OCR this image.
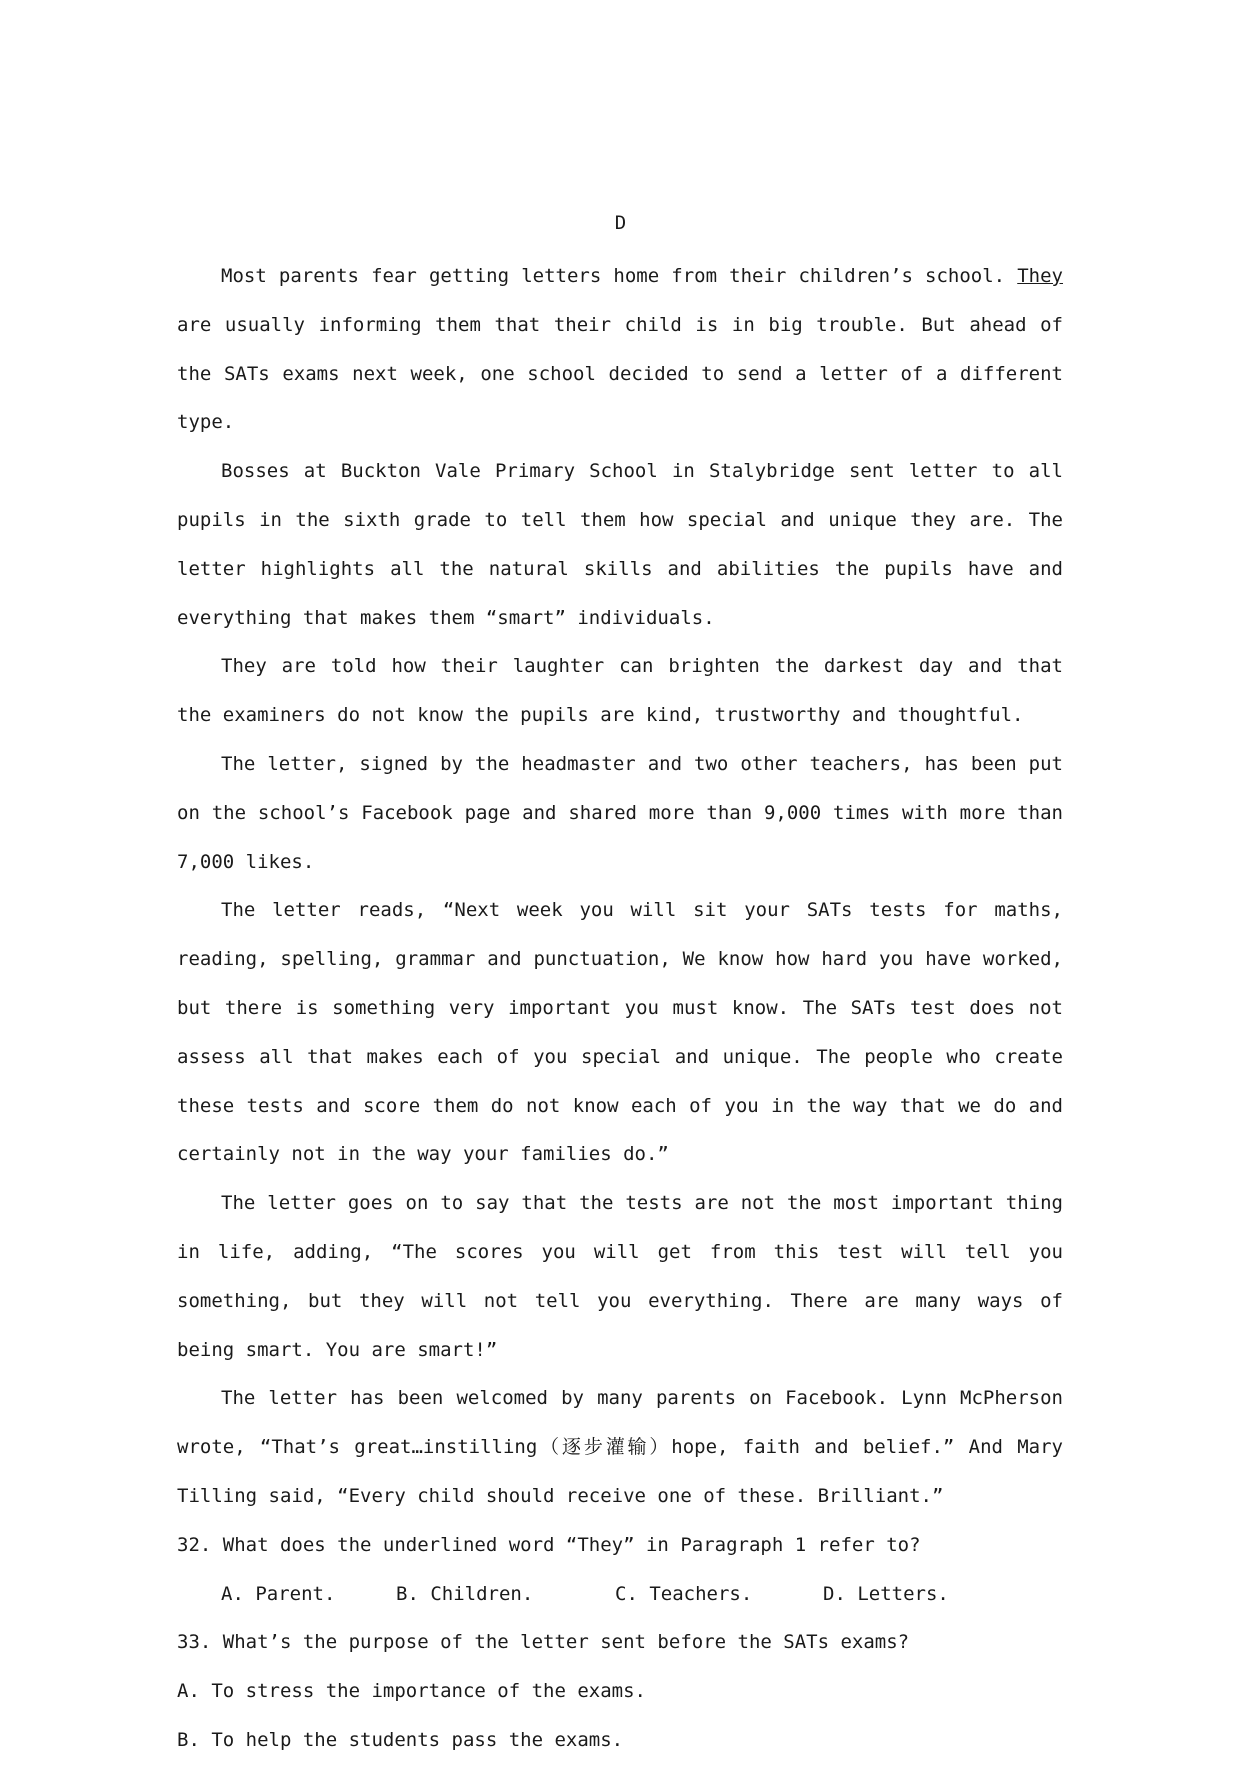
D

Most parents fear getting letters home from their children’s school. They are usually informing them that their child is in big trouble. But ahead of the SATs exams next week, one school decided to send a letter of a different type.

Bosses at Buckton Vale Primary School in Stalybridge sent letter to all pupils in the sixth grade to tell them how special and unique they are. The letter highlights all the natural skills and abilities the pupils have and everything that makes them “smart” individuals.

They are told how their laughter can brighten the darkest day and that the examiners do not know the pupils are kind, trustworthy and thoughtful.

The letter, signed by the headmaster and two other teachers, has been put on the school’s Facebook page and shared more than 9,000 times with more than 7,000 likes.

The letter reads, “Next week you will sit your SATs tests for maths, reading, spelling, grammar and punctuation, We know how hard you have worked, but there is something very important you must know. The SATs test does not assess all that makes each of you special and unique. The people who create these tests and score them do not know each of you in the way that we do and certainly not in the way your families do.”

The letter goes on to say that the tests are not the most important thing in life, adding, “The scores you will get from this test will tell you something, but they will not tell you everything. There are many ways of being smart. You are smart!”

The letter has been welcomed by many parents on Facebook. Lynn McPherson wrote, “That’s great…instilling（逐步灌输）hope, faith and belief.” And Mary Tilling said, “Every child should receive one of these. Brilliant.”

32. What does the underlined word “They” in Paragraph 1 refer to?

A. Parent.	B. Children.	C. Teachers.	D. Letters.

33. What’s the purpose of the letter sent before the SATs exams?

A. To stress the importance of the exams.

B. To help the students pass the exams.
